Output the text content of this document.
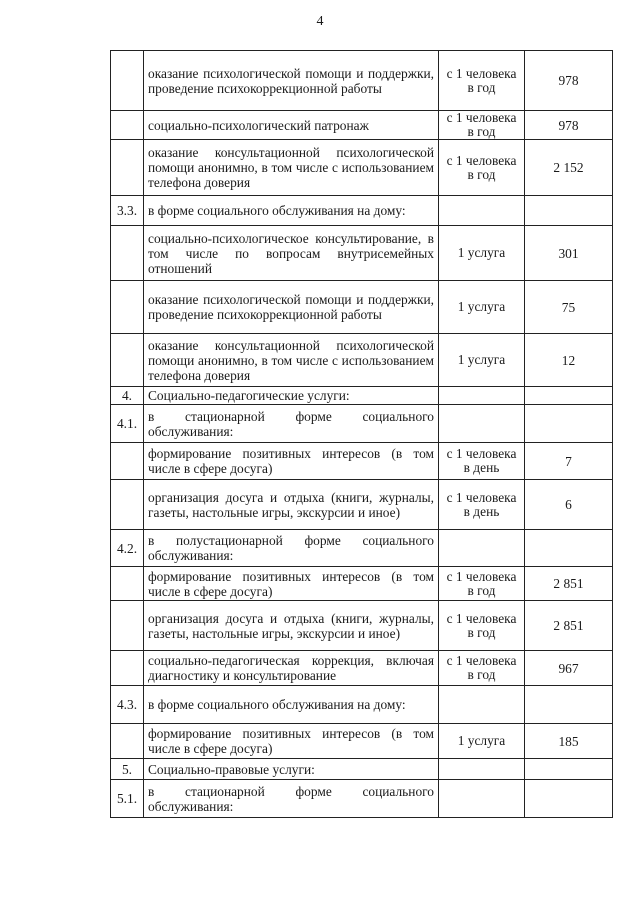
4
	оказание психологической помощи и поддержки, проведение психокоррекционной работы	с 1 человека в год	978
	социально-психологический патронаж	с 1 человека в год	978
	оказание консультационной психологической помощи анонимно, в том числе с использованием телефона доверия	с 1 человека в год	2 152
3.3.	в форме социального обслуживания на дому:		
	социально-психологическое консультирование, в том числе по вопросам внутрисемейных отношений	1 услуга	301
	оказание психологической помощи и поддержки, проведение психокоррекционной работы	1 услуга	75
	оказание консультационной психологической помощи анонимно, в том числе с использованием телефона доверия	1 услуга	12
4.	Социально-педагогические услуги:		
4.1.	в стационарной форме социального обслуживания:		
	формирование позитивных интересов (в том числе в сфере досуга)	с 1 человека в день	7
	организация досуга и отдыха (книги, журналы, газеты, настольные игры, экскурсии и иное)	с 1 человека в день	6
4.2.	в полустационарной форме социального обслуживания:		
	формирование позитивных интересов (в том числе в сфере досуга)	с 1 человека в год	2 851
	организация досуга и отдыха (книги, журналы, газеты, настольные игры, экскурсии и иное)	с 1 человека в год	2 851
	социально-педагогическая коррекция, включая диагностику и консультирование	с 1 человека в год	967
4.3.	в форме социального обслуживания на дому:		
	формирование позитивных интересов (в том числе в сфере досуга)	1 услуга	185
5.	Социально-правовые услуги:		
5.1.	в стационарной форме социального обслуживания:		
